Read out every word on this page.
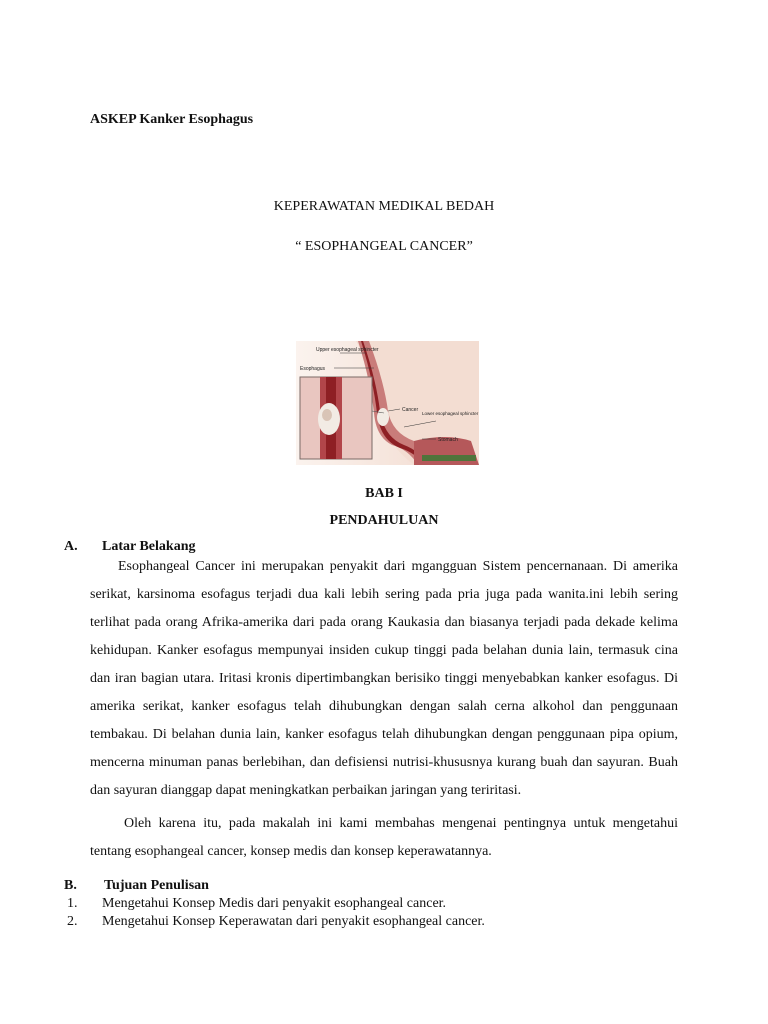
ASKEP Kanker Esophagus
KEPERAWATAN MEDIKAL BEDAH
“ ESOPHANGEAL CANCER”
Upper esophageal sphincter
Esophagus
Cancer
Lower esophageal sphincter
Stomach
BAB I
PENDAHULUAN
A. Latar Belakang

Esophangeal Cancer ini merupakan penyakit dari mgangguan Sistem pencernanaan. Di amerika serikat, karsinoma esofagus terjadi dua kali lebih sering pada pria juga pada wanita.ini lebih sering terlihat pada orang Afrika-amerika dari pada orang Kaukasia dan biasanya terjadi pada dekade kelima kehidupan. Kanker esofagus mempunyai insiden cukup tinggi pada belahan dunia lain, termasuk cina dan iran bagian utara. Iritasi kronis dipertimbangkan berisiko tinggi menyebabkan kanker esofagus. Di amerika serikat, kanker esofagus telah dihubungkan dengan salah cerna alkohol dan penggunaan tembakau. Di belahan dunia lain, kanker esofagus telah dihubungkan dengan penggunaan pipa opium, mencerna minuman panas berlebihan, dan defisiensi nutrisi-khususnya kurang buah dan sayuran. Buah dan sayuran dianggap dapat meningkatkan perbaikan jaringan yang teriritasi.

Oleh karena itu, pada makalah ini kami membahas mengenai pentingnya untuk mengetahui tentang esophangeal cancer, konsep medis dan konsep keperawatannya.

B. Tujuan Penulisan
1. Mengetahui Konsep Medis dari penyakit esophangeal cancer.
2. Mengetahui Konsep Keperawatan dari penyakit esophangeal cancer.
